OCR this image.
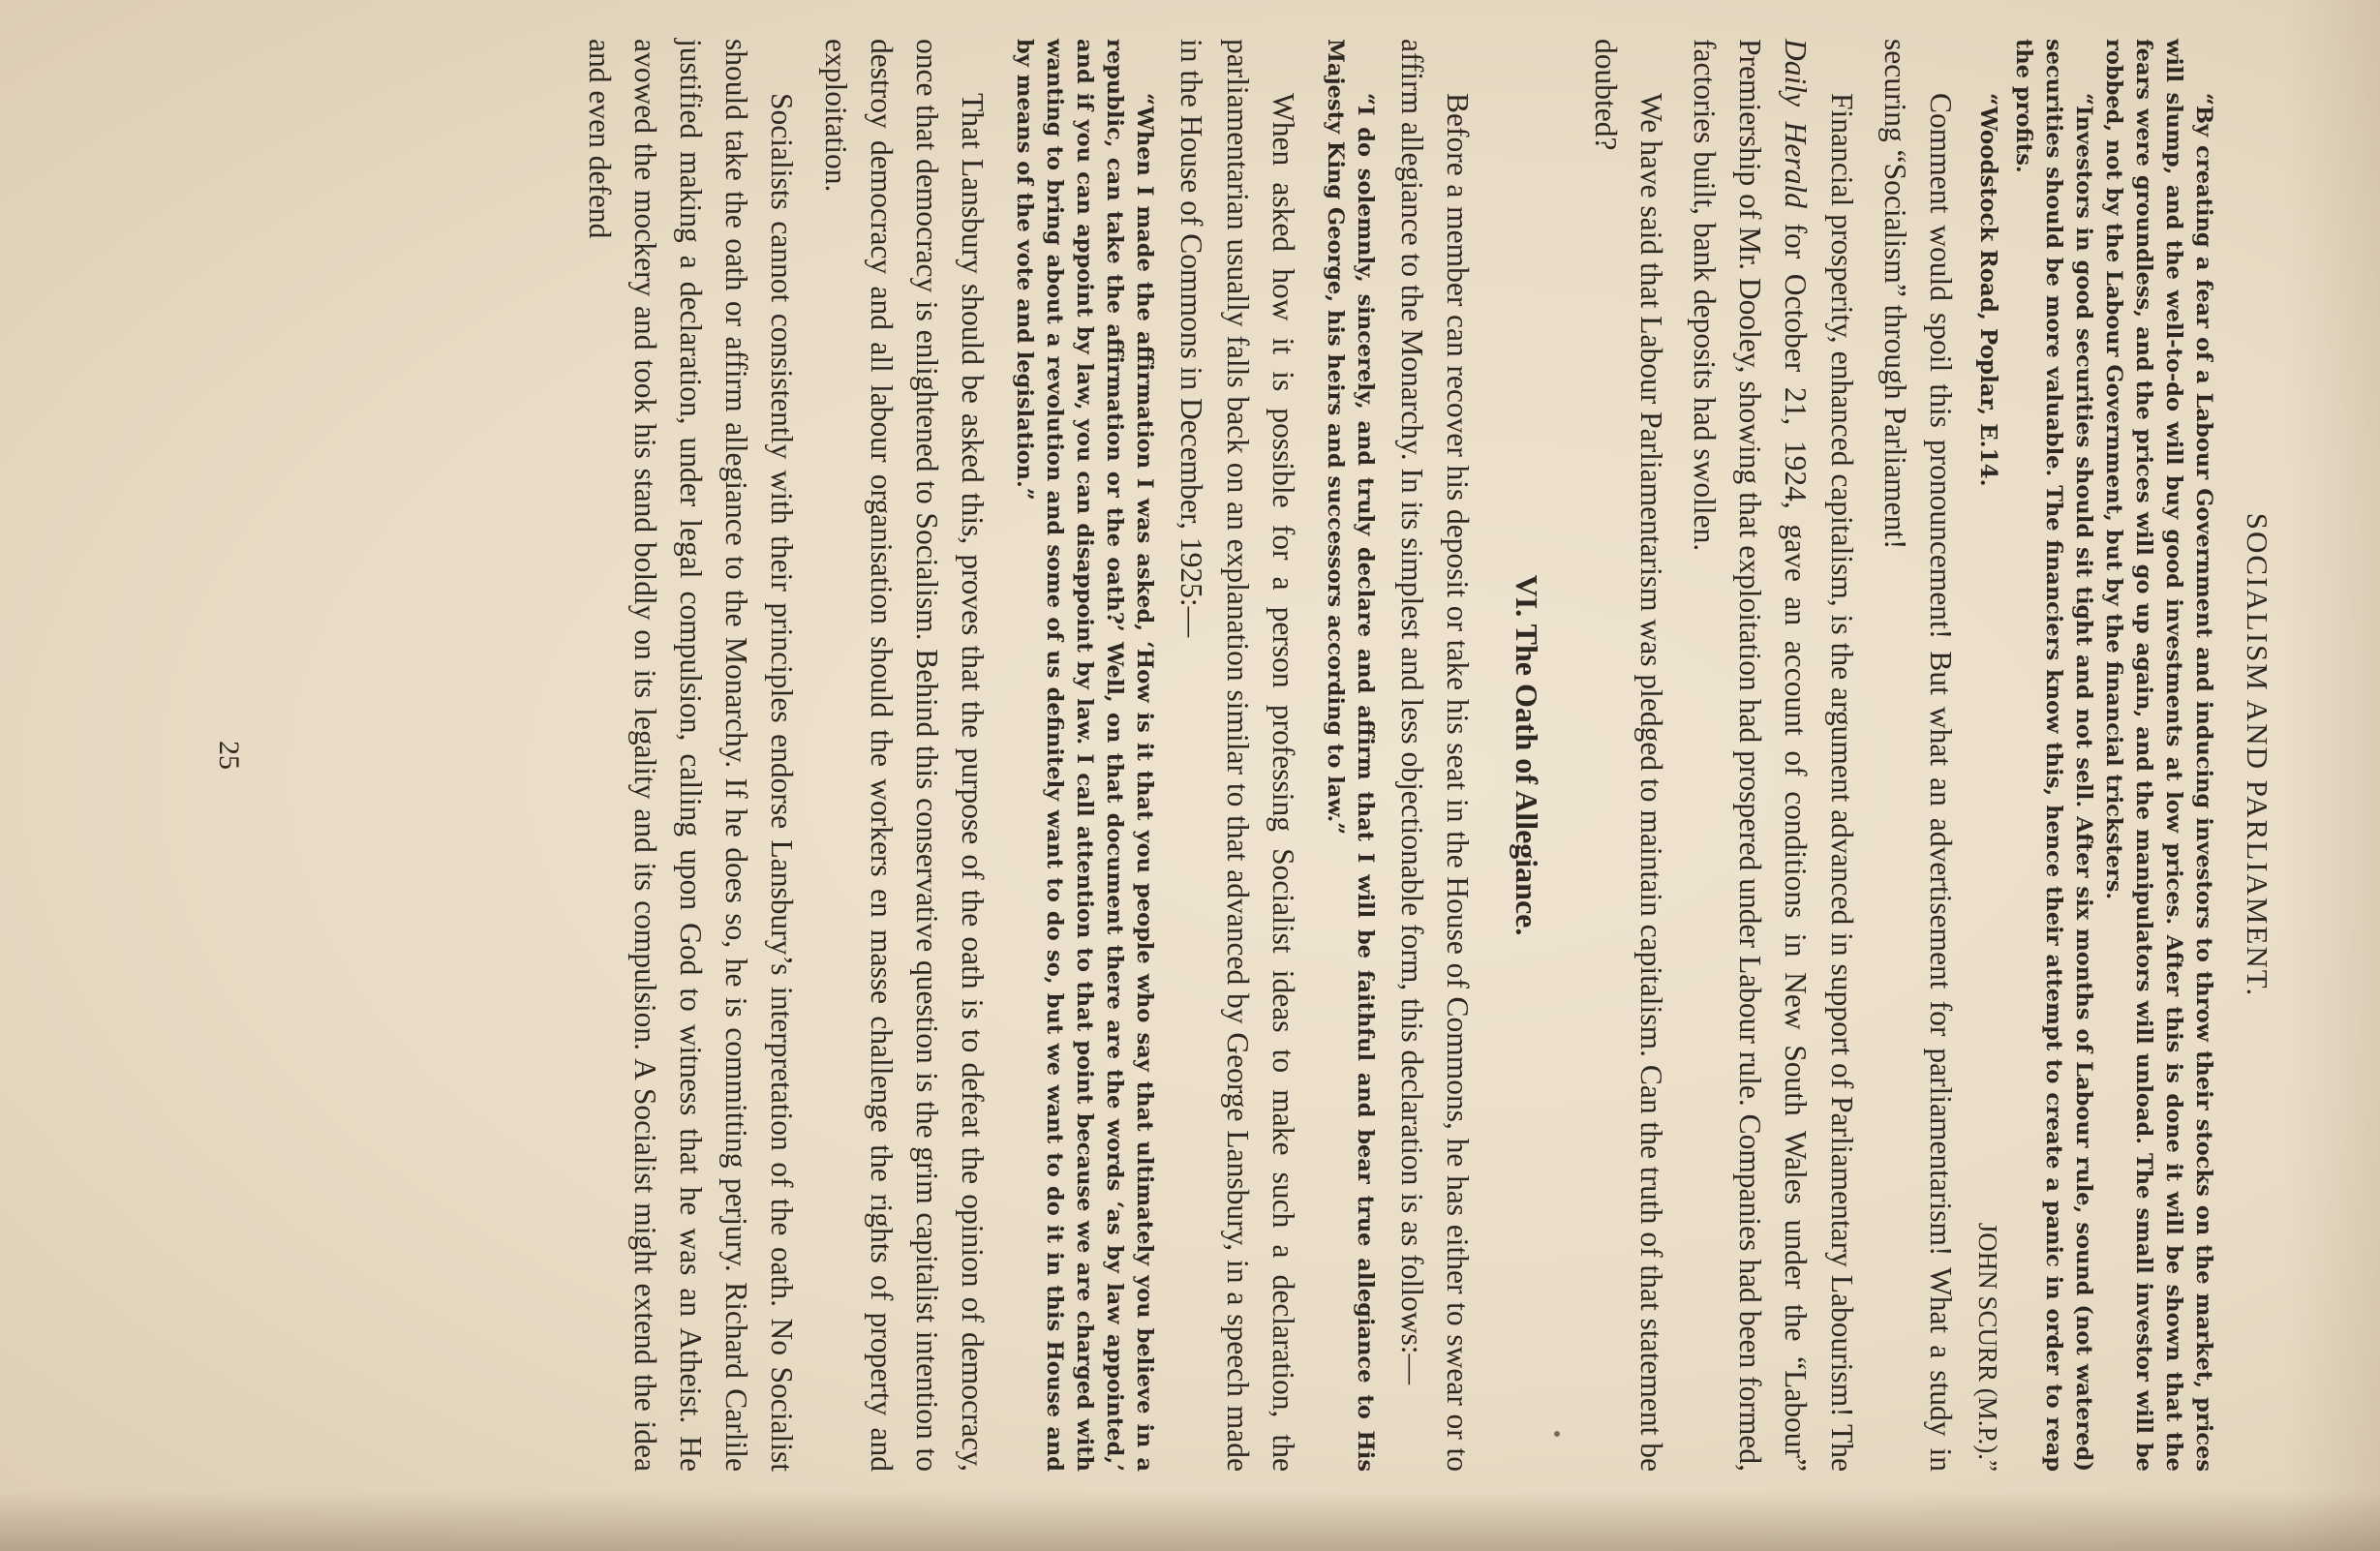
SOCIALISM AND PARLIAMENT.

“By creating a fear of a Labour Government and inducing investors to throw their stocks on the market, prices will slump, and the well-to-do will buy good investments at low prices. After this is done it will be shown that the fears were groundless, and the prices will go up again, and the manipulators will unload. The small investor will be robbed, not by the Labour Government, but by the financial tricksters.

“Investors in good securities should sit tight and not sell. After six months of Labour rule, sound (not watered) securities should be more valuable. The financiers know this, hence their attempt to create a panic in order to reap the profits.

“Woodstock Road, Poplar, E.14.
JOHN SCURR (M.P.).”

Comment would spoil this pronouncement! But what an advertisement for parliamentarism! What a study in securing “Socialism” through Parliament!

Financial prosperity, enhanced capitalism, is the argument advanced in support of Parliamentary Labourism! The Daily Herald for October 21, 1924, gave an account of conditions in New South Wales under the “Labour” Premiership of Mr. Dooley, showing that exploitation had prospered under Labour rule. Companies had been formed, factories built, bank deposits had swollen.

We have said that Labour Parliamentarism was pledged to maintain capitalism. Can the truth of that statement be doubted?

VI. The Oath of Allegiance.

Before a member can recover his deposit or take his seat in the House of Commons, he has either to swear or to affirm allegiance to the Monarchy. In its simplest and less objectionable form, this declaration is as follows:—

“I do solemnly, sincerely, and truly declare and affirm that I will be faithful and bear true allegiance to His Majesty King George, his heirs and successors according to law.”

When asked how it is possible for a person professing Socialist ideas to make such a declaration, the parliamentarian usually falls back on an explanation similar to that advanced by George Lansbury, in a speech made in the House of Commons in December, 1925:—

“When I made the affirmation I was asked, ‘How is it that you people who say that ultimately you believe in a republic, can take the affirmation or the oath?’ Well, on that document there are the words ‘as by law appointed,’ and if you can appoint by law, you can disappoint by law. I call attention to that point because we are charged with wanting to bring about a revolution and some of us definitely want to do so, but we want to do it in this House and by means of the vote and legislation.”

That Lansbury should be asked this, proves that the purpose of the oath is to defeat the opinion of democracy, once that democracy is enlightened to Socialism. Behind this conservative question is the grim capitalist intention to destroy democracy and all labour organisation should the workers en masse challenge the rights of property and exploitation.

Socialists cannot consistently with their principles endorse Lansbury’s interpretation of the oath. No Socialist should take the oath or affirm allegiance to the Monarchy. If he does so, he is committing perjury. Richard Carlile justified making a declaration, under legal compulsion, calling upon God to witness that he was an Atheist. He avowed the mockery and took his stand boldly on its legality and its compulsion. A Socialist might extend the idea and even defend

25
